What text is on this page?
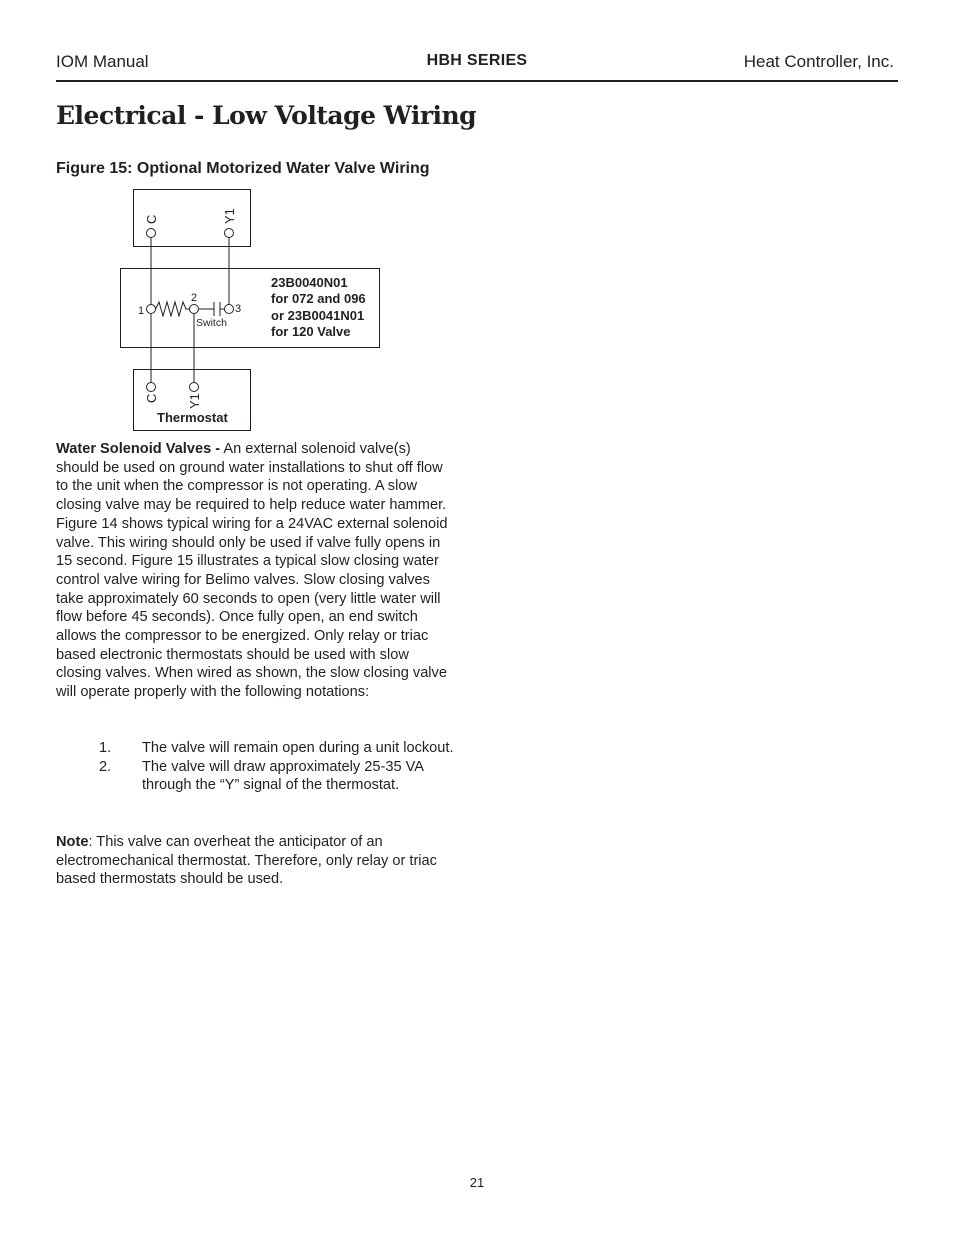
IOM Manual	HBH SERIES	Heat Controller, Inc.
Electrical - Low Voltage Wiring
Figure 15: Optional Motorized Water Valve Wiring
C	Y1
1
2
3
Switch
23B0040N01
for 072 and 096
or 23B0041N01
for 120 Valve
C Y1
Thermostat

Water Solenoid Valves - An external solenoid valve(s) should be used on ground water installations to shut off flow to the unit when the compressor is not operating. A slow closing valve may be required to help reduce water hammer. Figure 14 shows typical wiring for a 24VAC external solenoid valve. This wiring should only be used if valve fully opens in 15 second. Figure 15 illustrates a typical slow closing water control valve wiring for Belimo valves. Slow closing valves take approximately 60 seconds to open (very little water will flow before 45 seconds). Once fully open, an end switch allows the compressor to be energized. Only relay or triac based electronic thermostats should be used with slow closing valves. When wired as shown, the slow closing valve will operate properly with the following notations:

1. The valve will remain open during a unit lockout.
2. The valve will draw approximately 25-35 VA through the “Y” signal of the thermostat.

Note: This valve can overheat the anticipator of an electromechanical thermostat. Therefore, only relay or triac based thermostats should be used.

21
